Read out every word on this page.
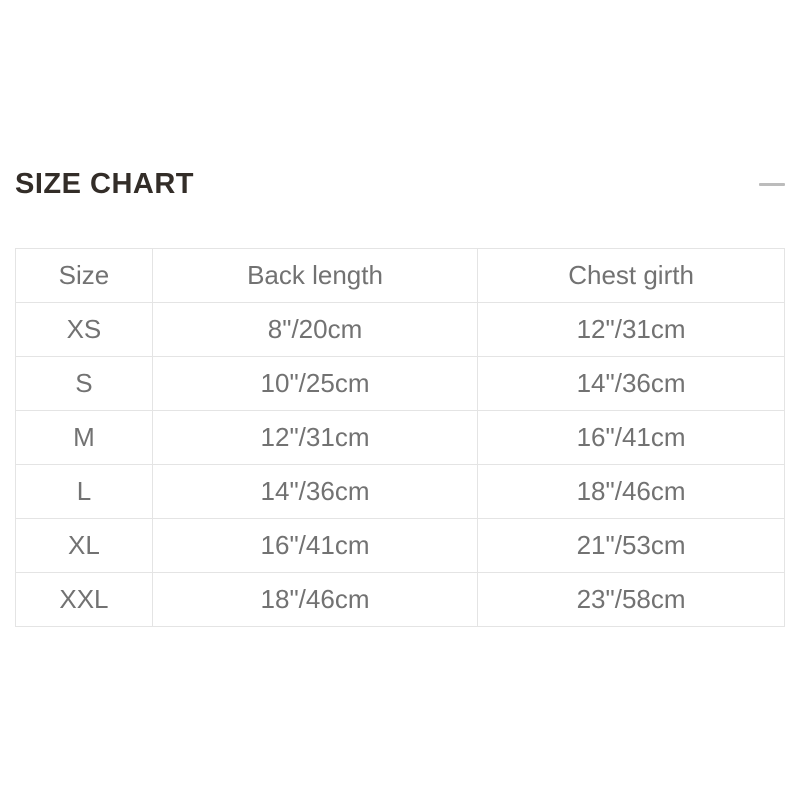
SIZE CHART
Size	Back length	Chest girth
XS	8"/20cm	12"/31cm
S	10"/25cm	14"/36cm
M	12"/31cm	16"/41cm
L	14"/36cm	18"/46cm
XL	16"/41cm	21"/53cm
XXL	18"/46cm	23"/58cm
